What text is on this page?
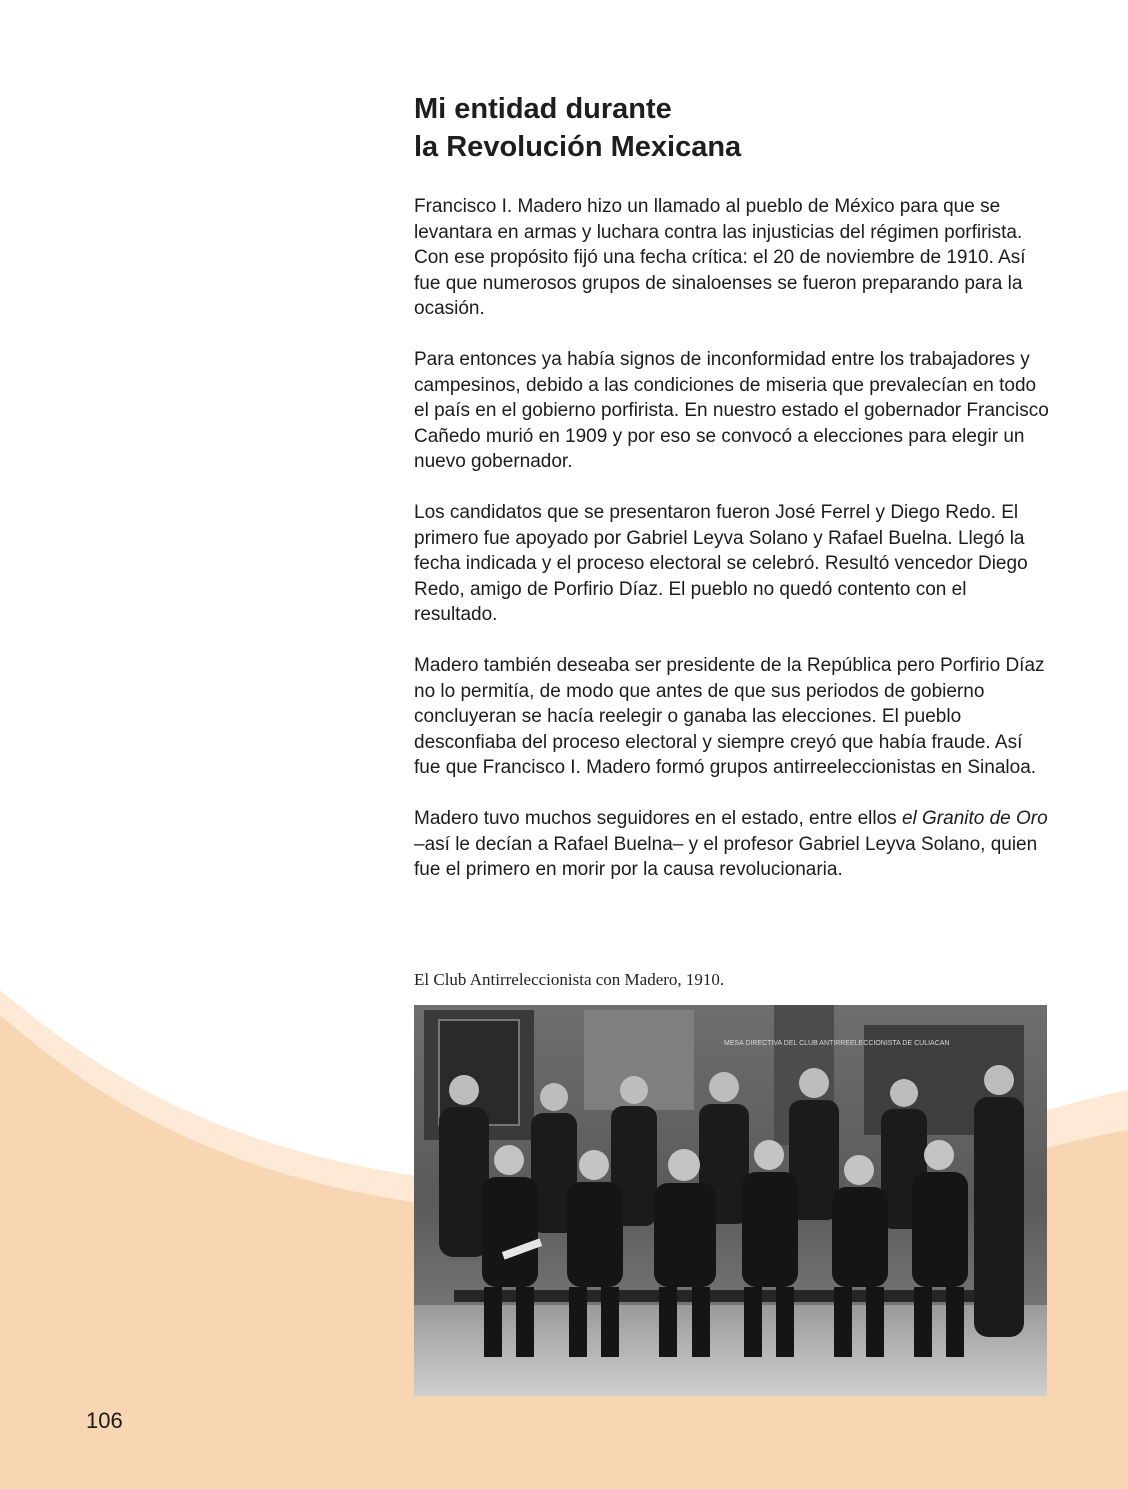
Mi entidad durante
la Revolución Mexicana

Francisco I. Madero hizo un llamado al pueblo de México para que se levantara en armas y luchara contra las injusticias del régimen porfirista. Con ese propósito fijó una fecha crítica: el 20 de noviembre de 1910. Así fue que numerosos grupos de sinaloenses se fueron preparando para la ocasión.

Para entonces ya había signos de inconformidad entre los trabajadores y campesinos, debido a las condiciones de miseria que prevalecían en todo el país en el gobierno porfirista. En nuestro estado el gobernador Francisco Cañedo murió en 1909 y por eso se convocó a elecciones para elegir un nuevo gobernador.

Los candidatos que se presentaron fueron José Ferrel y Diego Redo. El primero fue apoyado por Gabriel Leyva Solano y Rafael Buelna. Llegó la fecha indicada y el proceso electoral se celebró. Resultó vencedor Diego Redo, amigo de Porfirio Díaz. El pueblo no quedó contento con el resultado.

Madero también deseaba ser presidente de la República pero Porfirio Díaz no lo permitía, de modo que antes de que sus periodos de gobierno concluyeran se hacía reelegir o ganaba las elecciones. El pueblo desconfiaba del proceso electoral y siempre creyó que había fraude. Así fue que Francisco I. Madero formó grupos antirreeleccionistas en Sinaloa.

Madero tuvo muchos seguidores en el estado, entre ellos el Granito de Oro –así le decían a Rafael Buelna– y el profesor Gabriel Leyva Solano, quien fue el primero en morir por la causa revolucionaria.

El Club Antirreleccionista con Madero, 1910.

MESA DIRECTIVA DEL CLUB ANTIRREELECCIONISTA DE CULIACAN

106
